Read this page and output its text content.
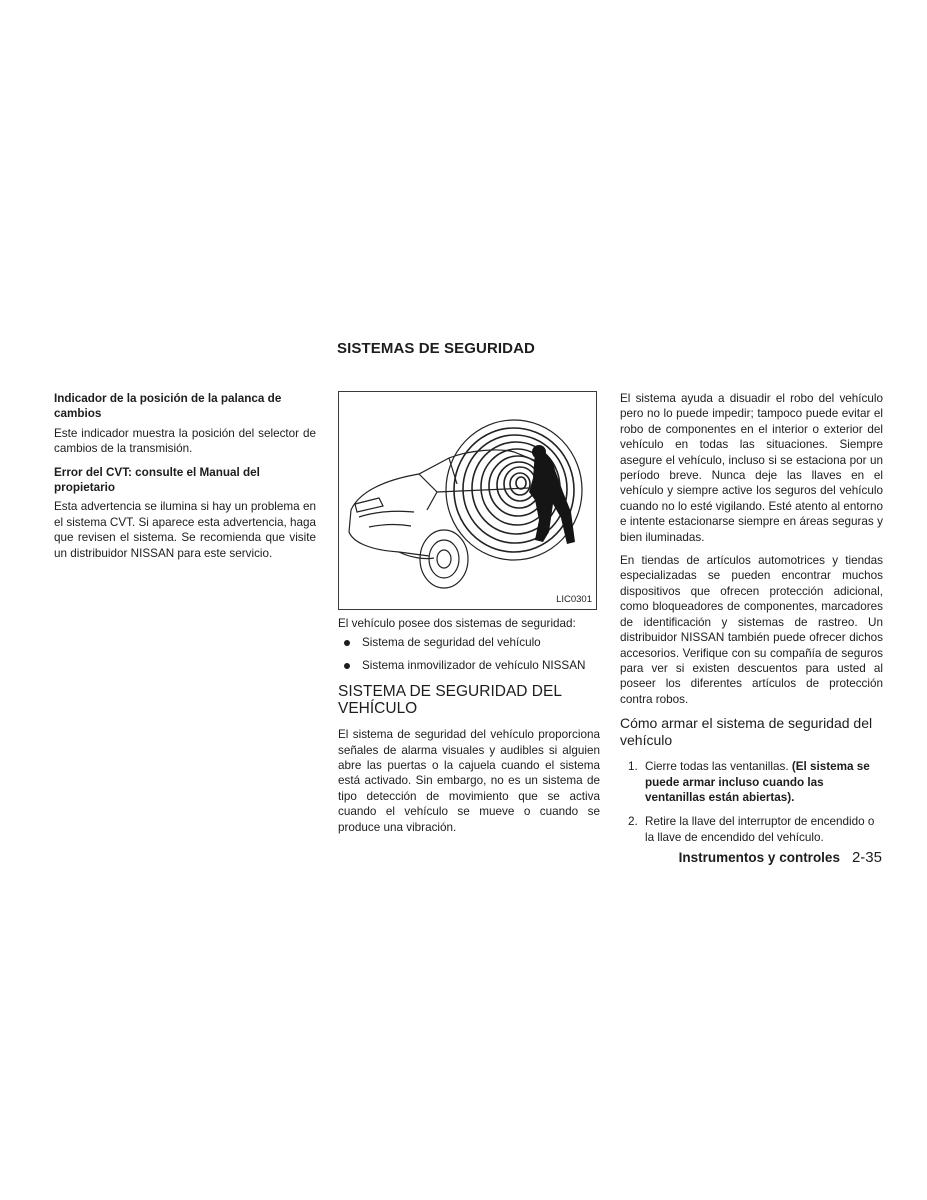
SISTEMAS DE SEGURIDAD

Indicador de la posición de la palanca de cambios

Este indicador muestra la posición del selector de cambios de la transmisión.

Error del CVT: consulte el Manual del propietario

Esta advertencia se ilumina si hay un problema en el sistema CVT. Si aparece esta advertencia, haga que revisen el sistema. Se recomienda que visite un distribuidor NISSAN para este servicio.

LIC0301

El vehículo posee dos sistemas de seguridad:

Sistema de seguridad del vehículo
Sistema inmovilizador de vehículo NISSAN
SISTEMA DE SEGURIDAD DEL VEHÍCULO

El sistema de seguridad del vehículo proporciona señales de alarma visuales y audibles si alguien abre las puertas o la cajuela cuando el sistema está activado. Sin embargo, no es un sistema de tipo detección de movimiento que se activa cuando el vehículo se mueve o cuando se produce una vibración.

El sistema ayuda a disuadir el robo del vehículo pero no lo puede impedir; tampoco puede evitar el robo de componentes en el interior o exterior del vehículo en todas las situaciones. Siempre asegure el vehículo, incluso si se estaciona por un período breve. Nunca deje las llaves en el vehículo y siempre active los seguros del vehículo cuando no lo esté vigilando. Esté atento al entorno e intente estacionarse siempre en áreas seguras y bien iluminadas.

En tiendas de artículos automotrices y tiendas especializadas se pueden encontrar muchos dispositivos que ofrecen protección adicional, como bloqueadores de componentes, marcadores de identificación y sistemas de rastreo. Un distribuidor NISSAN también puede ofrecer dichos accesorios. Verifique con su compañía de seguros para ver si existen descuentos para usted al poseer los diferentes artículos de protección contra robos.

Cómo armar el sistema de seguridad del vehículo
1. Cierre todas las ventanillas. (El sistema se puede armar incluso cuando las ventanillas están abiertas).
2. Retire la llave del interruptor de encendido o la llave de encendido del vehículo.
Instrumentos y controles 2-35
